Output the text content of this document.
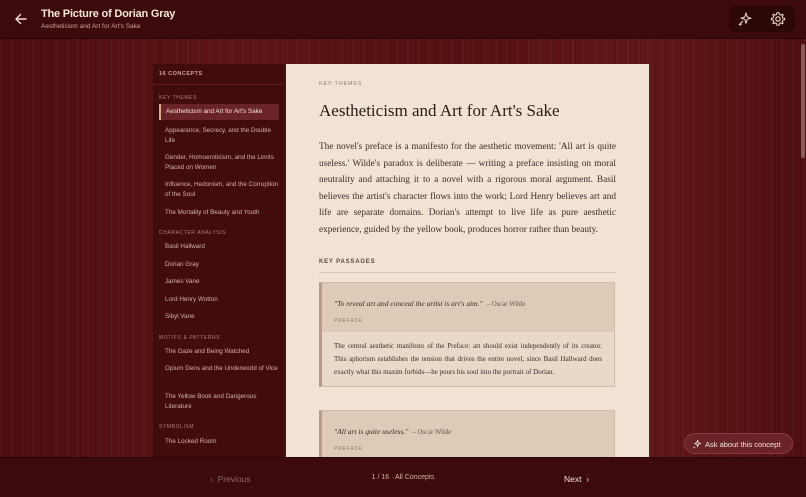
The Picture of Dorian Gray
Aestheticism and Art for Art's Sake
16 CONCEPTS
KEY THEMES
Aestheticism and Art for Art's Sake
Appearance, Secrecy, and the Double Life
Gender, Homoeroticism, and the Limits Placed on Women
Influence, Hedonism, and the Corruption of the Soul
The Mortality of Beauty and Youth
CHARACTER ANALYSIS
Basil Hallward
Dorian Gray
James Vane
Lord Henry Wotton
Sibyl Vane
MOTIFS & PATTERNS
The Gaze and Being Watched
Opium Dens and the Underworld of Vice
The Yellow Book and Dangerous Literature
SYMBOLISM
The Locked Room
KEY THEMES
Aestheticism and Art for Art's Sake

The novel's preface is a manifesto for the aesthetic movement: 'All art is quite useless.' Wilde's paradox is deliberate — writing a preface insisting on moral neutrality and attaching it to a novel with a rigorous moral argument. Basil believes the artist's character flows into the work; Lord Henry believes art and life are separate domains. Dorian's attempt to live life as pure aesthetic experience, guided by the yellow book, produces horror rather than beauty.

KEY PASSAGES
"To reveal art and conceal the artist is art's aim." – Oscar Wilde
PREFACE

The central aesthetic manifesto of the Preface: art should exist independently of its creator. This aphorism establishes the tension that drives the entire novel, since Basil Hallward does exactly what this maxim forbids—he pours his soul into the portrait of Dorian.

"All art is quite useless." – Oscar Wilde
PREFACE	Ask about this concept
‹ Previous	1 / 16 · All Concepts	Next ›
